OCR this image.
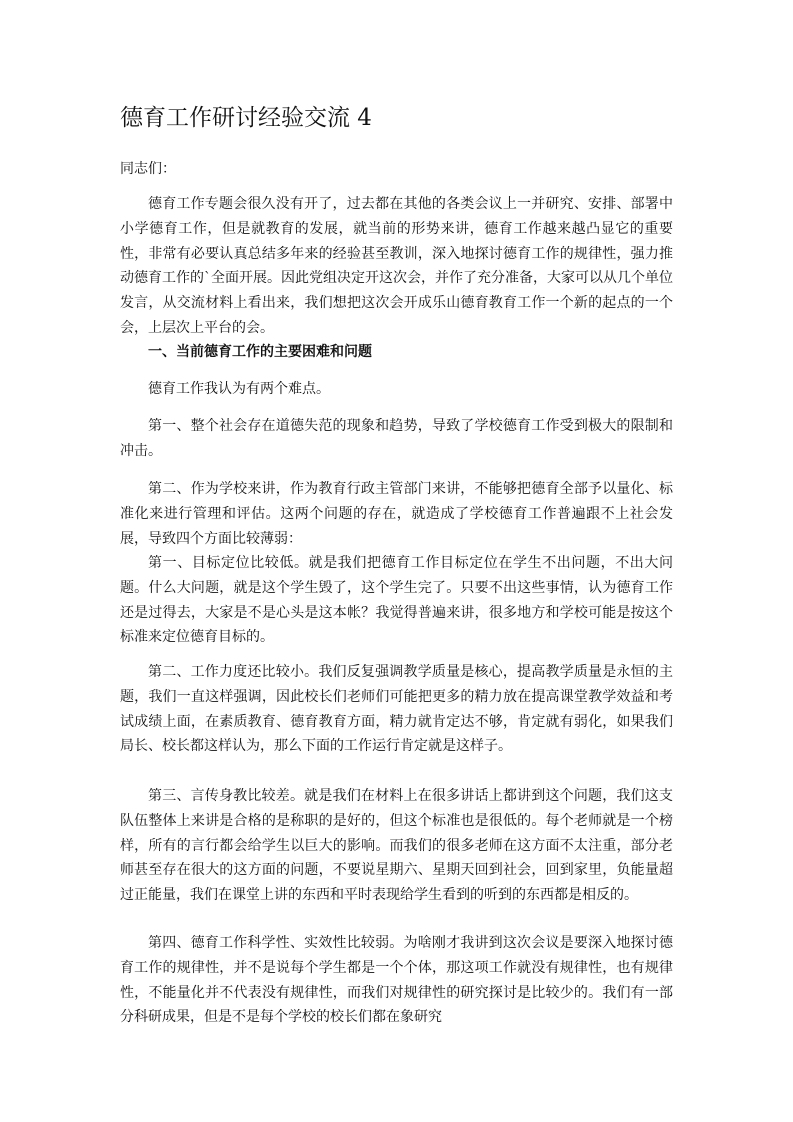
德育工作研讨经验交流 4

同志们：

德育工作专题会很久没有开了，过去都在其他的各类会议上一并研究、安排、部署中小学德育工作，但是就教育的发展，就当前的形势来讲，德育工作越来越凸显它的重要性，非常有必要认真总结多年来的经验甚至教训，深入地探讨德育工作的规律性，强力推动德育工作的`全面开展。因此党组决定开这次会，并作了充分准备，大家可以从几个单位发言，从交流材料上看出来，我们想把这次会开成乐山德育教育工作一个新的起点的一个会，上层次上平台的会。

一、当前德育工作的主要困难和问题

德育工作我认为有两个难点。

第一、整个社会存在道德失范的现象和趋势，导致了学校德育工作受到极大的限制和冲击。

第二、作为学校来讲，作为教育行政主管部门来讲，不能够把德育全部予以量化、标准化来进行管理和评估。这两个问题的存在，就造成了学校德育工作普遍跟不上社会发展，导致四个方面比较薄弱：

第一、目标定位比较低。就是我们把德育工作目标定位在学生不出问题，不出大问题。什么大问题，就是这个学生毁了，这个学生完了。只要不出这些事情，认为德育工作还是过得去，大家是不是心头是这本帐？我觉得普遍来讲，很多地方和学校可能是按这个标准来定位德育目标的。

第二、工作力度还比较小。我们反复强调教学质量是核心，提高教学质量是永恒的主题，我们一直这样强调，因此校长们老师们可能把更多的精力放在提高课堂教学效益和考试成绩上面，在素质教育、德育教育方面，精力就肯定达不够，肯定就有弱化，如果我们局长、校长都这样认为，那么下面的工作运行肯定就是这样子。

第三、言传身教比较差。就是我们在材料上在很多讲话上都讲到这个问题，我们这支队伍整体上来讲是合格的是称职的是好的，但这个标准也是很低的。每个老师就是一个榜样，所有的言行都会给学生以巨大的影响。而我们的很多老师在这方面不太注重，部分老师甚至存在很大的这方面的问题，不要说星期六、星期天回到社会，回到家里，负能量超过正能量，我们在课堂上讲的东西和平时表现给学生看到的听到的东西都是相反的。

第四、德育工作科学性、实效性比较弱。为啥刚才我讲到这次会议是要深入地探讨德育工作的规律性，并不是说每个学生都是一个个体，那这项工作就没有规律性，也有规律性，不能量化并不代表没有规律性，而我们对规律性的研究探讨是比较少的。我们有一部分科研成果，但是不是每个学校的校长们都在象研究
